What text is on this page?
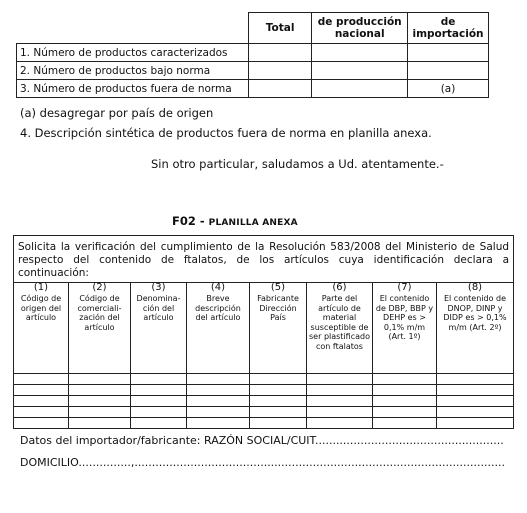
	Total	de producción nacional	de importación
1. Número de productos caracterizados			
2. Número de productos bajo norma			
3. Número de productos fuera de norma			(a)
(a) desagregar por país de origen
4. Descripción sintética de productos fuera de norma en planilla anexa.
Sin otro particular, saludamos a Ud. atentamente.-
F02 - PLANILLA ANEXA
Solicita la verificación del cumplimiento de la Resolución 583/2008 del Ministerio de Salud

respecto del contenido de ftalatos, de los artículos cuya identificación declara a continuación:							

(1)	(2)	(3)	(4)	(5)	(6)	(7)	(8)
Código de origen del artículo	Código de comerciali-zación del artículo	Denomina-ción del artículo	Breve descripción del artículo	Fabricante Dirección País	Parte del artículo de material susceptible de ser plastificado con ftalatos	El contenido de DBP, BBP y DEHP es > 0,1% m/m (Art. 1º)	El contenido de DNOP, DINP y DIDP es > 0,1% m/m (Art. 2º)

Datos del importador/fabricante: RAZÓN SOCIAL/CUIT......................................................
DOMICILIO...............,..........................................................................................................
